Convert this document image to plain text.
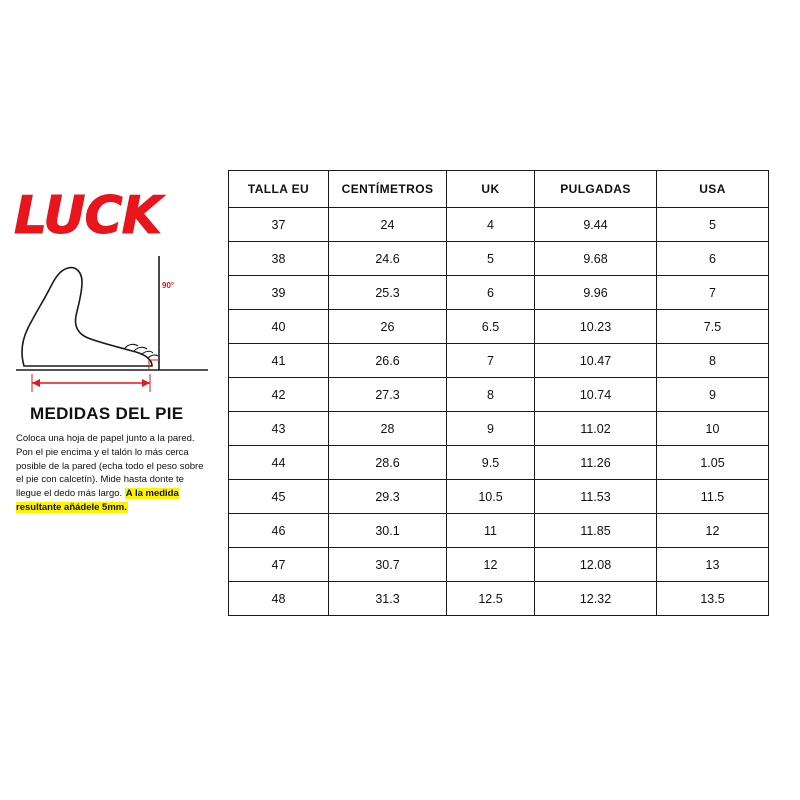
LUCK
90°
MEDIDAS DEL PIE

Coloca una hoja de papel junto a la pared. Pon el pie encima y el talón lo más cerca posible de la pared (echa todo el peso sobre el pie con calcetín). Mide hasta donte te llegue el dedo más largo. A la medida resultante añádele 5mm.

TALLA EU	CENTÍMETROS	UK	PULGADAS	USA
37	24	4	9.44	5
38	24.6	5	9.68	6
39	25.3	6	9.96	7
40	26	6.5	10.23	7.5
41	26.6	7	10.47	8
42	27.3	8	10.74	9
43	28	9	11.02	10
44	28.6	9.5	11.26	1.05
45	29.3	10.5	11.53	11.5
46	30.1	11	11.85	12
47	30.7	12	12.08	13
48	31.3	12.5	12.32	13.5
